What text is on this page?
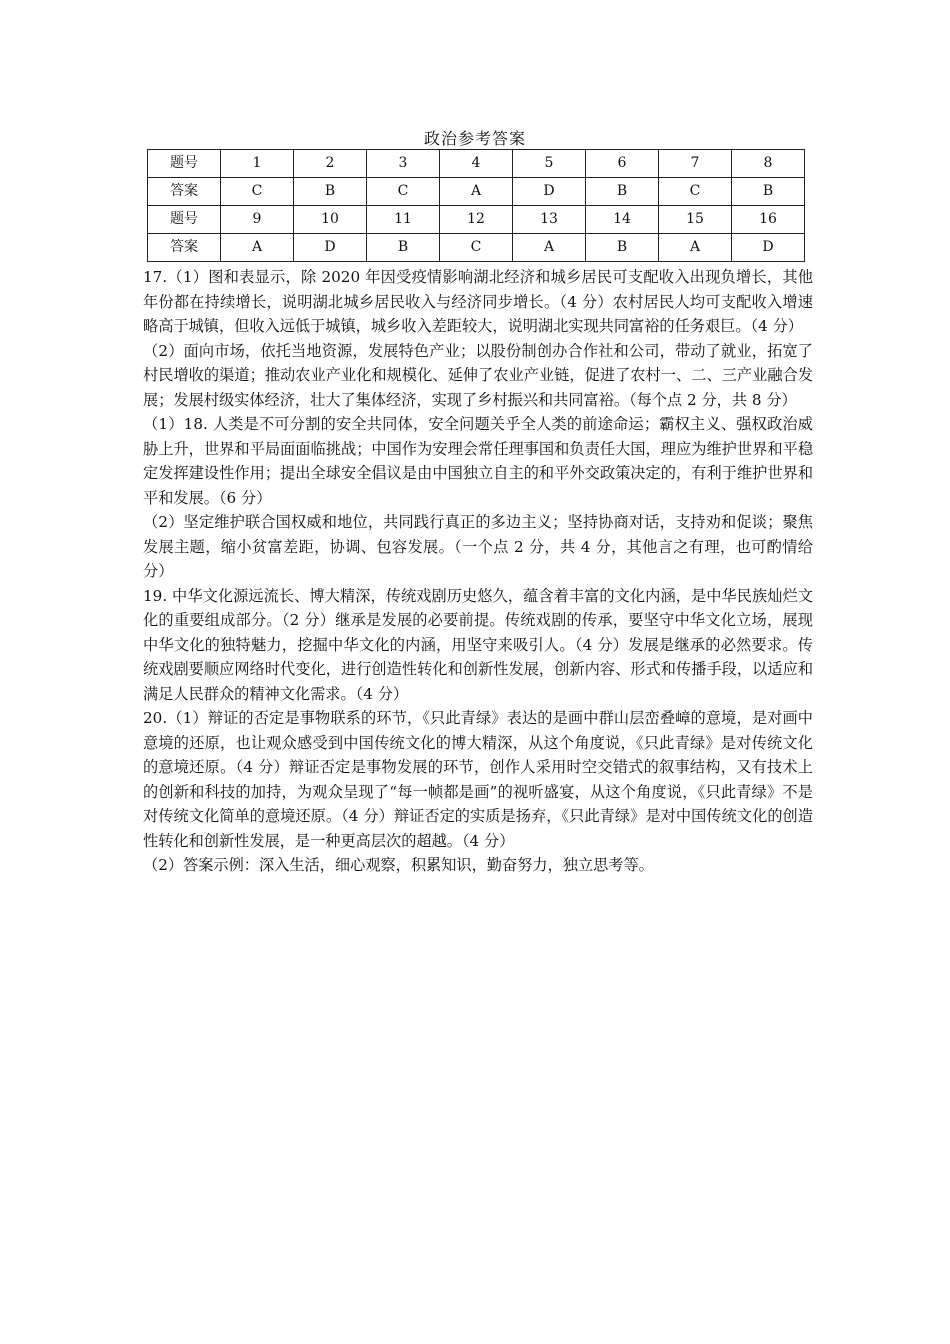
政治参考答案
题号	1	2	3	4	5	6	7	8
答案	C	B	C	A	D	B	C	B
题号	9	10	11	12	13	14	15	16
答案	A	D	B	C	A	B	A	D

17.（1）图和表显示，除 2020 年因受疫情影响湖北经济和城乡居民可支配收入出现负增长，其他年份都在持续增长，说明湖北城乡居民收入与经济同步增长。（4 分）农村居民人均可支配收入增速略高于城镇，但收入远低于城镇，城乡收入差距较大，说明湖北实现共同富裕的任务艰巨。（4 分）

（2）面向市场，依托当地资源，发展特色产业；以股份制创办合作社和公司，带动了就业，拓宽了村民增收的渠道；推动农业产业化和规模化、延伸了农业产业链，促进了农村一、二、三产业融合发展；发展村级实体经济，壮大了集体经济，实现了乡村振兴和共同富裕。（每个点 2 分，共 8 分）

（1）18. 人类是不可分割的安全共同体，安全问题关乎全人类的前途命运；霸权主义、强权政治威胁上升，世界和平局面面临挑战；中国作为安理会常任理事国和负责任大国，理应为维护世界和平稳定发挥建设性作用；提出全球安全倡议是由中国独立自主的和平外交政策决定的，有利于维护世界和平和发展。（6 分）

（2）坚定维护联合国权威和地位，共同践行真正的多边主义；坚持协商对话，支持劝和促谈；聚焦发展主题，缩小贫富差距，协调、包容发展。（一个点 2 分，共 4 分，其他言之有理，也可酌情给分）

19. 中华文化源远流长、博大精深，传统戏剧历史悠久，蕴含着丰富的文化内涵，是中华民族灿烂文化的重要组成部分。（2 分）继承是发展的必要前提。传统戏剧的传承，要坚守中华文化立场，展现中华文化的独特魅力，挖掘中华文化的内涵，用坚守来吸引人。（4 分）发展是继承的必然要求。传统戏剧要顺应网络时代变化，进行创造性转化和创新性发展，创新内容、形式和传播手段，以适应和满足人民群众的精神文化需求。（4 分）

20.（1）辩证的否定是事物联系的环节，《只此青绿》表达的是画中群山层峦叠嶂的意境，是对画中意境的还原，也让观众感受到中国传统文化的博大精深，从这个角度说，《只此青绿》是对传统文化的意境还原。（4 分）辩证否定是事物发展的环节，创作人采用时空交错式的叙事结构，又有技术上的创新和科技的加持，为观众呈现了“每一帧都是画”的视听盛宴，从这个角度说，《只此青绿》不是对传统文化简单的意境还原。（4 分）辩证否定的实质是扬弃，《只此青绿》是对中国传统文化的创造性转化和创新性发展，是一种更高层次的超越。（4 分）

（2）答案示例：深入生活，细心观察，积累知识，勤奋努力，独立思考等。
